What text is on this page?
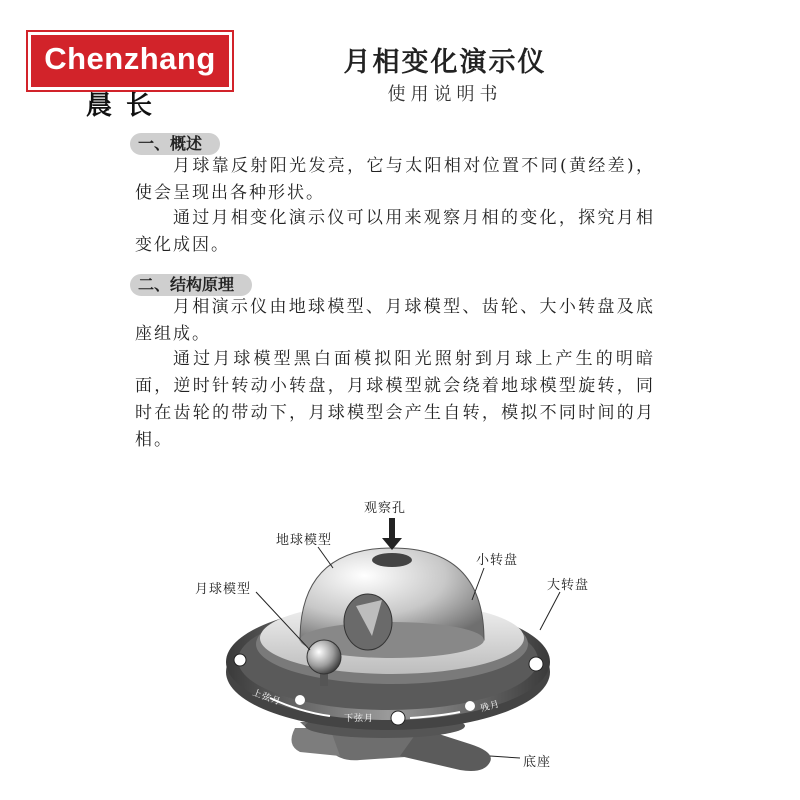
Chenzhang
晨长
月相变化演示仪
使用说明书
一、概述
月球靠反射阳光发亮，它与太阳相对位置不同(黄经差)，使会呈现出各种形状。
通过月相变化演示仪可以用来观察月相的变化，探究月相变化成因。
二、结构原理
月相演示仪由地球模型、月球模型、齿轮、大小转盘及底座组成。
通过月球模型黑白面模拟阳光照射到月球上产生的明暗面，逆时针转动小转盘，月球模型就会绕着地球模型旋转，同时在齿轮的带动下，月球模型会产生自转，模拟不同时间的月相。
观察孔
地球模型
月球模型
小转盘
大转盘
底座
上弦月
下弦月
残月
